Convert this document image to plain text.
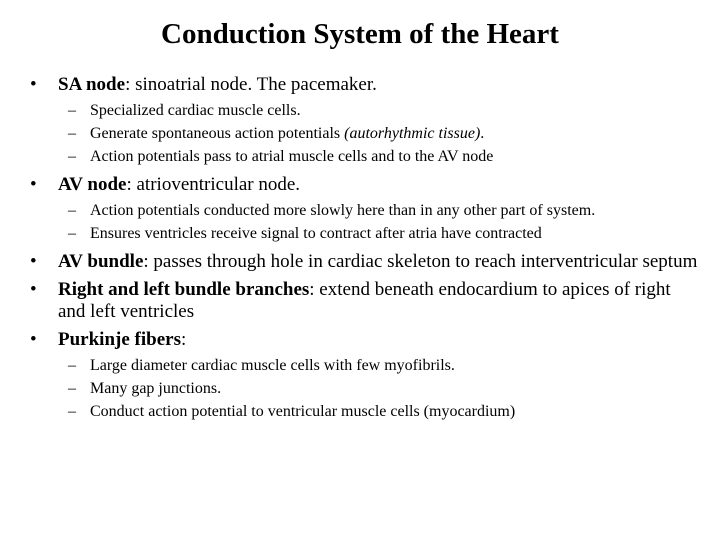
Conduction System of the Heart
•	SA node: sinoatrial node. The pacemaker.
– Specialized cardiac muscle cells.
– Generate spontaneous action potentials (autorhythmic tissue).
– Action potentials pass to atrial muscle cells and to the AV node
•	AV node: atrioventricular node.
– Action potentials conducted more slowly here than in any other part of system.
– Ensures ventricles receive signal to contract after atria have contracted
•	AV bundle: passes through hole in cardiac skeleton to reach interventricular septum
•	Right and left bundle branches: extend beneath endocardium to apices of right and left ventricles
•	Purkinje fibers:
– Large diameter cardiac muscle cells with few myofibrils.
– Many gap junctions.
– Conduct action potential to ventricular muscle cells (myocardium)
